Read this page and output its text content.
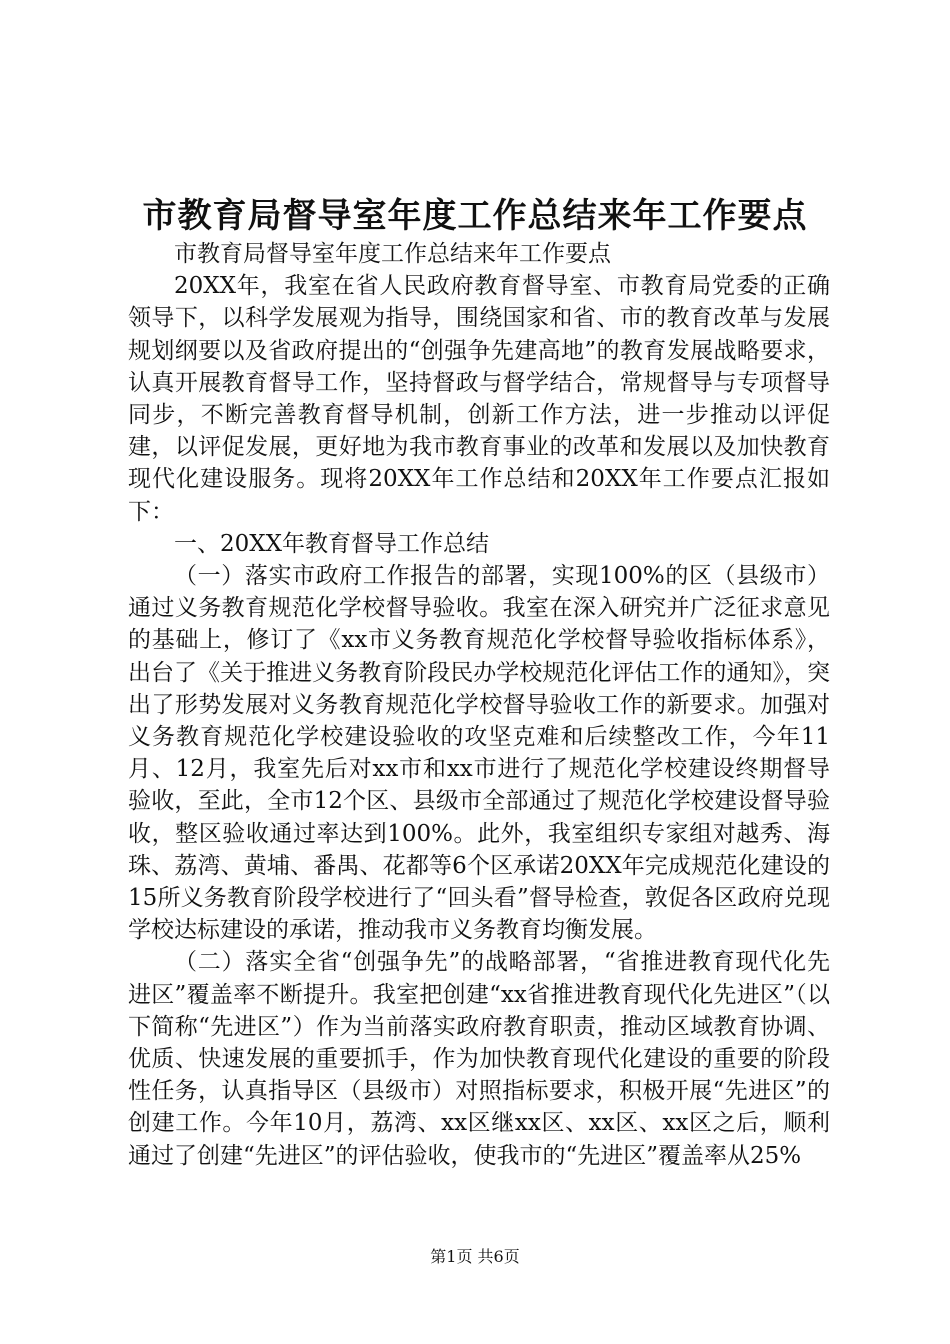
市教育局督导室年度工作总结来年工作要点

市教育局督导室年度工作总结来年工作要点

20XX年，我室在省人民政府教育督导室、市教育局党委的正确领导下，以科学发展观为指导，围绕国家和省、市的教育改革与发展规划纲要以及省政府提出的“创强争先建高地”的教育发展战略要求，认真开展教育督导工作，坚持督政与督学结合，常规督导与专项督导同步，不断完善教育督导机制，创新工作方法，进一步推动以评促建，以评促发展，更好地为我市教育事业的改革和发展以及加快教育现代化建设服务。现将20XX年工作总结和20XX年工作要点汇报如下：

一、20XX年教育督导工作总结

（一）落实市政府工作报告的部署，实现100%的区（县级市）通过义务教育规范化学校督导验收。我室在深入研究并广泛征求意见的基础上，修订了《xx市义务教育规范化学校督导验收指标体系》，出台了《关于推进义务教育阶段民办学校规范化评估工作的通知》，突出了形势发展对义务教育规范化学校督导验收工作的新要求。加强对义务教育规范化学校建设验收的攻坚克难和后续整改工作，今年11月、12月，我室先后对xx市和xx市进行了规范化学校建设终期督导验收，至此，全市12个区、县级市全部通过了规范化学校建设督导验收，整区验收通过率达到100%。此外，我室组织专家组对越秀、海珠、荔湾、黄埔、番禺、花都等6个区承诺20XX年完成规范化建设的15所义务教育阶段学校进行了“回头看”督导检查，敦促各区政府兑现学校达标建设的承诺，推动我市义务教育均衡发展。

（二）落实全省“创强争先”的战略部署，“省推进教育现代化先进区”覆盖率不断提升。我室把创建“xx省推进教育现代化先进区”（以下简称“先进区”）作为当前落实政府教育职责，推动区域教育协调、优质、快速发展的重要抓手，作为加快教育现代化建设的重要的阶段性任务，认真指导区（县级市）对照指标要求，积极开展“先进区”的创建工作。今年10月，荔湾、xx区继xx区、xx区、xx区之后，顺利通过了创建“先进区”的评估验收，使我市的“先进区”覆盖率从25%

第1页 共6页
